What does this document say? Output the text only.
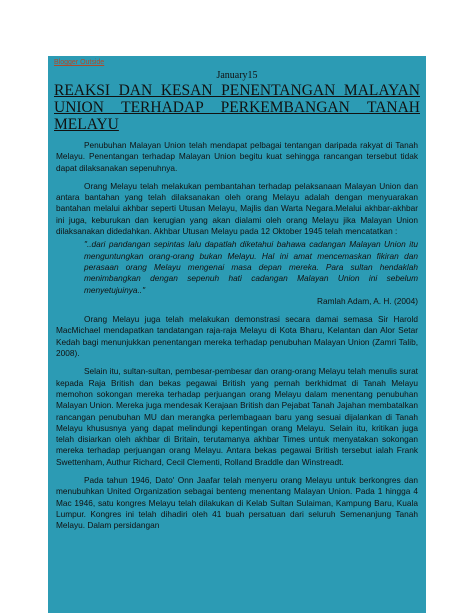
Blogger Outside
January15
REAKSI DAN KESAN PENENTANGAN MALAYAN UNION TERHADAP PERKEMBANGAN TANAH MELAYU

Penubuhan Malayan Union telah mendapat pelbagai tentangan daripada rakyat di Tanah Melayu. Penentangan terhadap Malayan Union begitu kuat sehingga rancangan tersebut tidak dapat dilaksanakan sepenuhnya.

Orang Melayu telah melakukan pembantahan terhadap pelaksanaan Malayan Union dan antara bantahan yang telah dilaksanakan oleh orang Melayu adalah dengan menyuarakan bantahan melalui akhbar seperti Utusan Melayu, Majlis dan Warta Negara.Melalui akhbar-akhbar ini juga, keburukan dan kerugian yang akan dialami oleh orang Melayu jika Malayan Union dilaksanakan didedahkan. Akhbar Utusan Melayu pada 12 Oktober 1945 telah mencatatkan :

"..dari pandangan sepintas lalu dapatlah diketahui bahawa cadangan Malayan Union itu menguntungkan orang-orang bukan Melayu. Hal ini amat mencemaskan fikiran dan perasaan orang Melayu mengenai masa depan mereka. Para sultan hendaklah menimbangkan dengan sepenuh hati cadangan Malayan Union ini sebelum menyetujuinya.."

Ramlah Adam, A. H. (2004)

Orang Melayu juga telah melakukan demonstrasi secara damai semasa Sir Harold MacMichael mendapatkan tandatangan raja-raja Melayu di Kota Bharu, Kelantan dan Alor Setar Kedah bagi menunjukkan penentangan mereka terhadap penubuhan Malayan Union (Zamri Talib, 2008).

Selain itu, sultan-sultan, pembesar-pembesar dan orang-orang Melayu telah menulis surat kepada Raja British dan bekas pegawai British yang pernah berkhidmat di Tanah Melayu memohon sokongan mereka terhadap perjuangan orang Melayu dalam menentang penubuhan Malayan Union. Mereka juga mendesak Kerajaan British dan Pejabat Tanah Jajahan membatalkan rancangan penubuhan MU dan merangka perlembagaan baru yang sesuai dijalankan di Tanah Melayu khususnya yang dapat melindungi kepentingan orang Melayu. Selain itu, kritikan juga telah disiarkan oleh akhbar di Britain, terutamanya akhbar Times untuk menyatakan sokongan mereka terhadap perjuangan orang Melayu. Antara bekas pegawai British tersebut ialah Frank Swettenham, Authur Richard, Cecil Clementi, Rolland Braddle dan Winstreadt.

Pada tahun 1946, Dato' Onn Jaafar telah menyeru orang Melayu untuk berkongres dan menubuhkan United Organization sebagai benteng menentang Malayan Union. Pada 1 hingga 4 Mac 1946, satu kongres Melayu telah dilakukan di Kelab Sultan Sulaiman, Kampung Baru, Kuala Lumpur. Kongres ini telah dihadiri oleh 41 buah persatuan dari seluruh Semenanjung Tanah Melayu. Dalam persidangan
